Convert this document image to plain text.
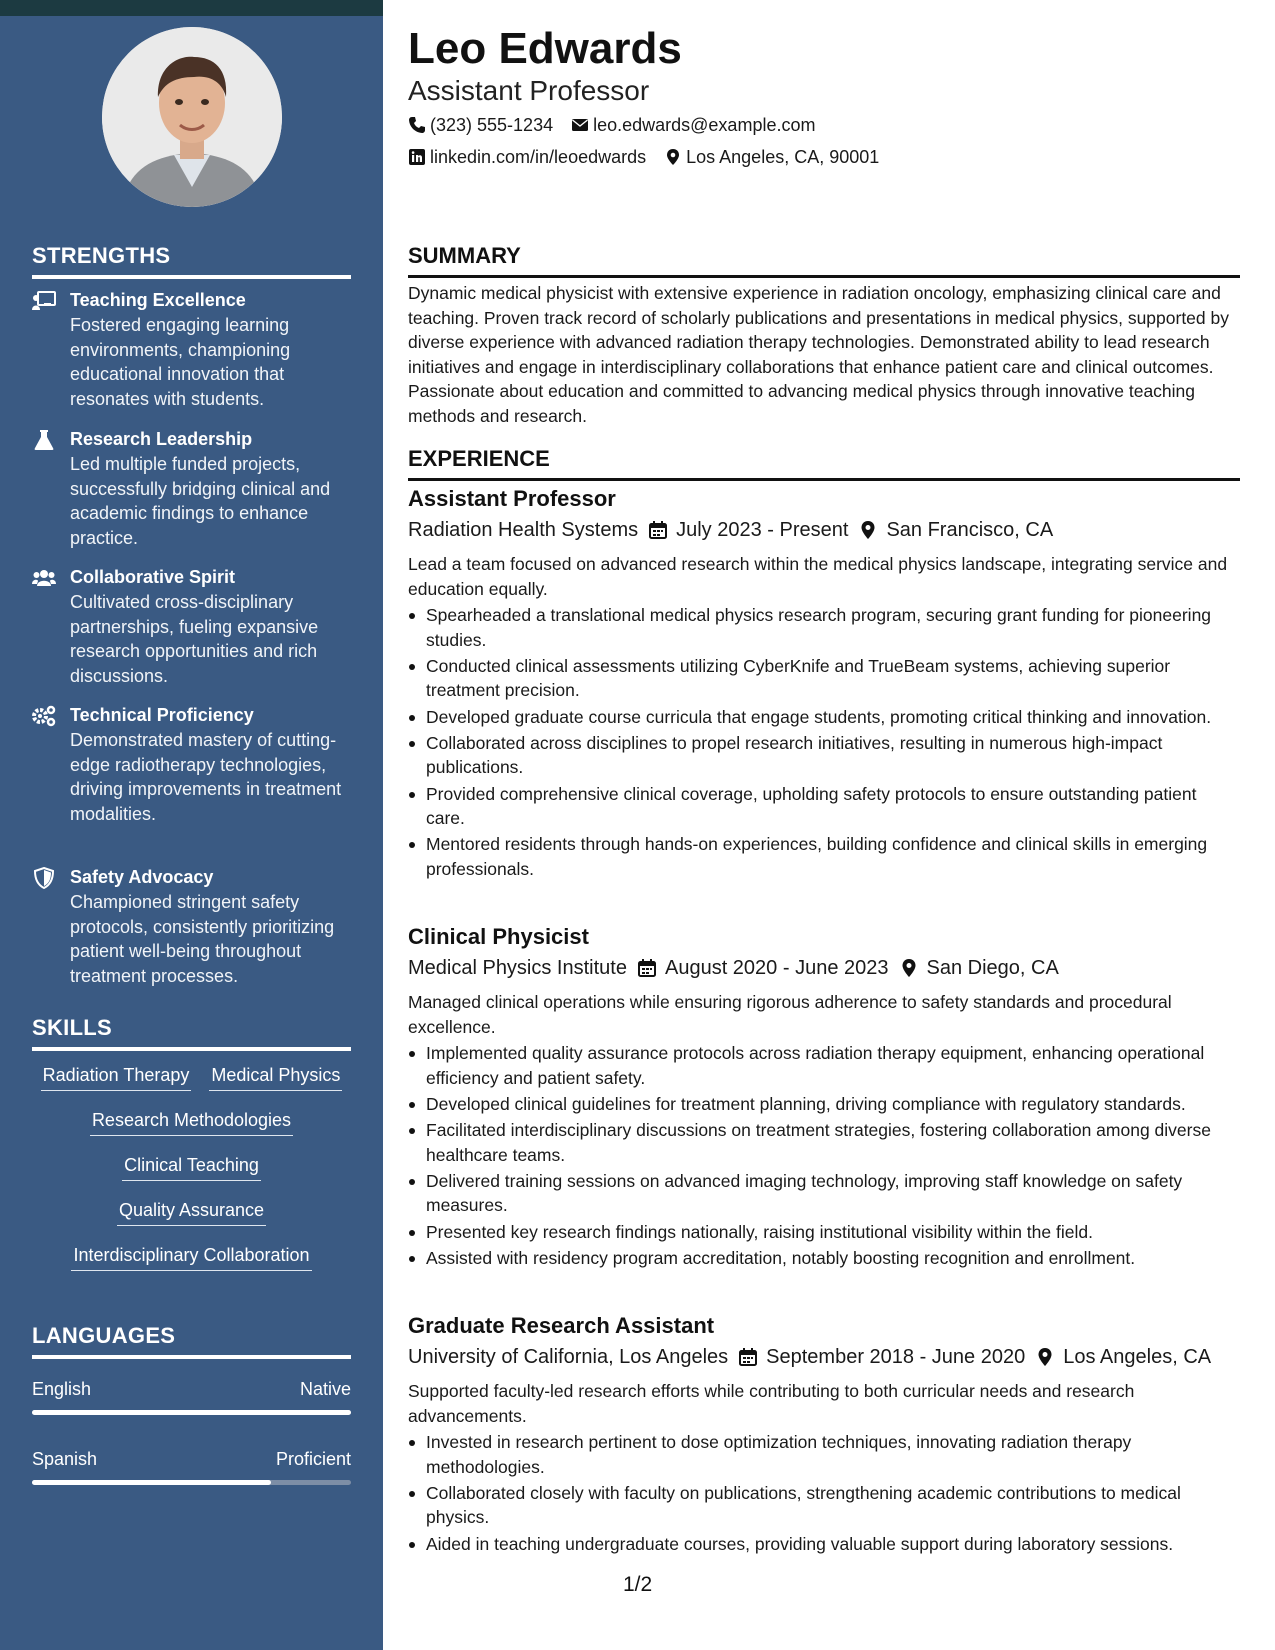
STRENGTHS
Teaching Excellence
Fostered engaging learning environments, championing educational innovation that resonates with students.
Research Leadership
Led multiple funded projects, successfully bridging clinical and academic findings to enhance practice.
Collaborative Spirit
Cultivated cross-disciplinary partnerships, fueling expansive research opportunities and rich discussions.
Technical Proficiency
Demonstrated mastery of cutting-edge radiotherapy technologies, driving improvements in treatment modalities.
Safety Advocacy
Championed stringent safety protocols, consistently prioritizing patient well-being throughout treatment processes.
SKILLS
Radiation Therapy Medical Physics
Research Methodologies
Clinical Teaching
Quality Assurance
Interdisciplinary Collaboration
LANGUAGES
English	Native
Spanish	Proficient
Leo Edwards
Assistant Professor
(323) 555-1234 leo.edwards@example.com
linkedin.com/in/leoedwards Los Angeles, CA, 90001
SUMMARY
Dynamic medical physicist with extensive experience in radiation oncology, emphasizing clinical care and teaching. Proven track record of scholarly publications and presentations in medical physics, supported by diverse experience with advanced radiation therapy technologies. Demonstrated ability to lead research initiatives and engage in interdisciplinary collaborations that enhance patient care and clinical outcomes. Passionate about education and committed to advancing medical physics through innovative teaching methods and research.
EXPERIENCE
Assistant Professor
Radiation Health Systems July 2023 - Present San Francisco, CA
Lead a team focused on advanced research within the medical physics landscape, integrating service and education equally.
Spearheaded a translational medical physics research program, securing grant funding for pioneering studies.
Conducted clinical assessments utilizing CyberKnife and TrueBeam systems, achieving superior treatment precision.
Developed graduate course curricula that engage students, promoting critical thinking and innovation.
Collaborated across disciplines to propel research initiatives, resulting in numerous high-impact publications.
Provided comprehensive clinical coverage, upholding safety protocols to ensure outstanding patient care.
Mentored residents through hands-on experiences, building confidence and clinical skills in emerging professionals.
Clinical Physicist
Medical Physics Institute August 2020 - June 2023 San Diego, CA
Managed clinical operations while ensuring rigorous adherence to safety standards and procedural excellence.
Implemented quality assurance protocols across radiation therapy equipment, enhancing operational efficiency and patient safety.
Developed clinical guidelines for treatment planning, driving compliance with regulatory standards.
Facilitated interdisciplinary discussions on treatment strategies, fostering collaboration among diverse healthcare teams.
Delivered training sessions on advanced imaging technology, improving staff knowledge on safety measures.
Presented key research findings nationally, raising institutional visibility within the field.
Assisted with residency program accreditation, notably boosting recognition and enrollment.
Graduate Research Assistant
University of California, Los Angeles September 2018 - June 2020 Los Angeles, CA
Supported faculty-led research efforts while contributing to both curricular needs and research advancements.
Invested in research pertinent to dose optimization techniques, innovating radiation therapy methodologies.
Collaborated closely with faculty on publications, strengthening academic contributions to medical physics.
Aided in teaching undergraduate courses, providing valuable support during laboratory sessions.
1/2
